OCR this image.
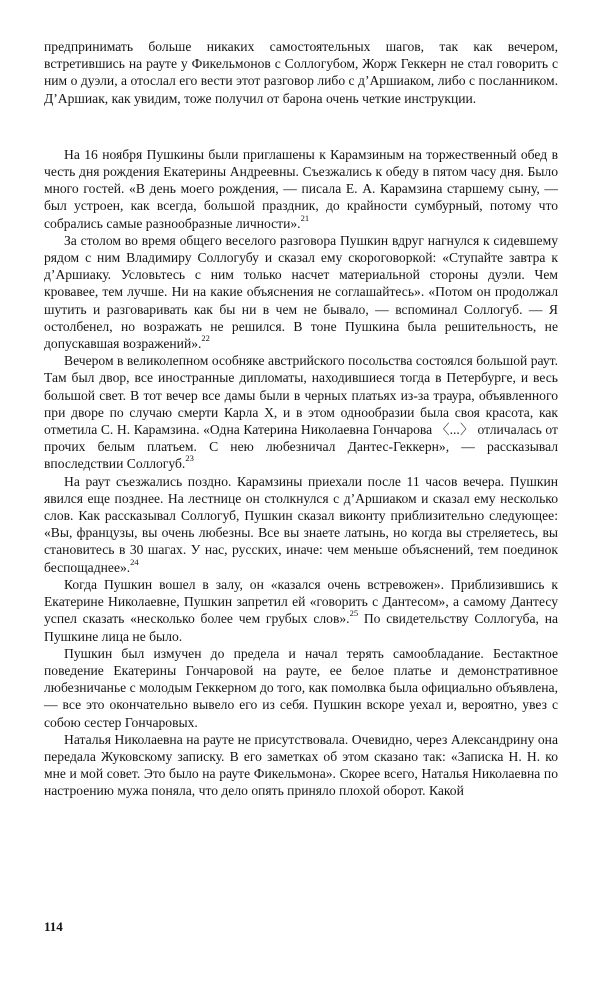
предпринимать больше никаких самостоятельных шагов, так как вечером, встретившись на рауте у Фикельмонов с Соллогубом, Жорж Геккерн не стал говорить с ним о дуэли, а отослал его вести этот разговор либо с д’Аршиаком, либо с посланником. Д’Аршиак, как увидим, тоже получил от барона очень четкие инструкции.

На 16 ноября Пушкины были приглашены к Карамзиным на торжественный обед в честь дня рождения Екатерины Андреевны. Съезжались к обеду в пятом часу дня. Было много гостей. «В день моего рождения, — писала Е. А. Карамзина старшему сыну, — был устроен, как всегда, большой праздник, до крайности сумбурный, потому что собрались самые разнообразные личности».$^{21}$

За столом во время общего веселого разговора Пушкин вдруг нагнулся к сидевшему рядом с ним Владимиру Соллогубу и сказал ему скороговоркой: «Ступайте завтра к д’Аршиаку. Условьтесь с ним только насчет материальной стороны дуэли. Чем кровавее, тем лучше. Ни на какие объяснения не соглашайтесь». «Потом он продолжал шутить и разговаривать как бы ни в чем не бывало, — вспоминал Соллогуб. — Я остолбенел, но возражать не решился. В тоне Пушкина была решительность, не допускавшая возражений».$^{22}$

Вечером в великолепном особняке австрийского посольства состоялся большой раут. Там был двор, все иностранные дипломаты, находившиеся тогда в Петербурге, и весь большой свет. В тот вечер все дамы были в черных платьях из-за траура, объявленного при дворе по случаю смерти Карла X, и в этом однообразии была своя красота, как отметила С. Н. Карамзина. «Одна Катерина Николаевна Гончарова 〈...〉 отличалась от прочих белым платьем. С нею любезничал Дантес-Геккерн», — рассказывал впоследствии Соллогуб.$^{23}$

На раут съезжались поздно. Карамзины приехали после 11 часов вечера. Пушкин явился еще позднее. На лестнице он столкнулся с д’Аршиаком и сказал ему несколько слов. Как рассказывал Соллогуб, Пушкин сказал виконту приблизительно следующее: «Вы, французы, вы очень любезны. Все вы знаете латынь, но когда вы стреляетесь, вы становитесь в 30 шагах. У нас, русских, иначе: чем меньше объяснений, тем поединок беспощаднее».$^{24}$

Когда Пушкин вошел в залу, он «казался очень встревожен». Приблизившись к Екатерине Николаевне, Пушкин запретил ей «говорить с Дантесом», а самому Дантесу успел сказать «несколько более чем грубых слов».$^{25}$ По свидетельству Соллогуба, на Пушкине лица не было.

Пушкин был измучен до предела и начал терять самообладание. Бестактное поведение Екатерины Гончаровой на рауте, ее белое платье и демонстративное любезничанье с молодым Геккерном до того, как помолвка была официально объявлена, — все это окончательно вывело его из себя. Пушкин вскоре уехал и, вероятно, увез с собою сестер Гончаровых.

Наталья Николаевна на рауте не присутствовала. Очевидно, через Александрину она передала Жуковскому записку. В его заметках об этом сказано так: «Записка Н. Н. ко мне и мой совет. Это было на рауте Фикельмона». Скорее всего, Наталья Николаевна по настроению мужа поняла, что дело опять приняло плохой оборот. Какой

114
